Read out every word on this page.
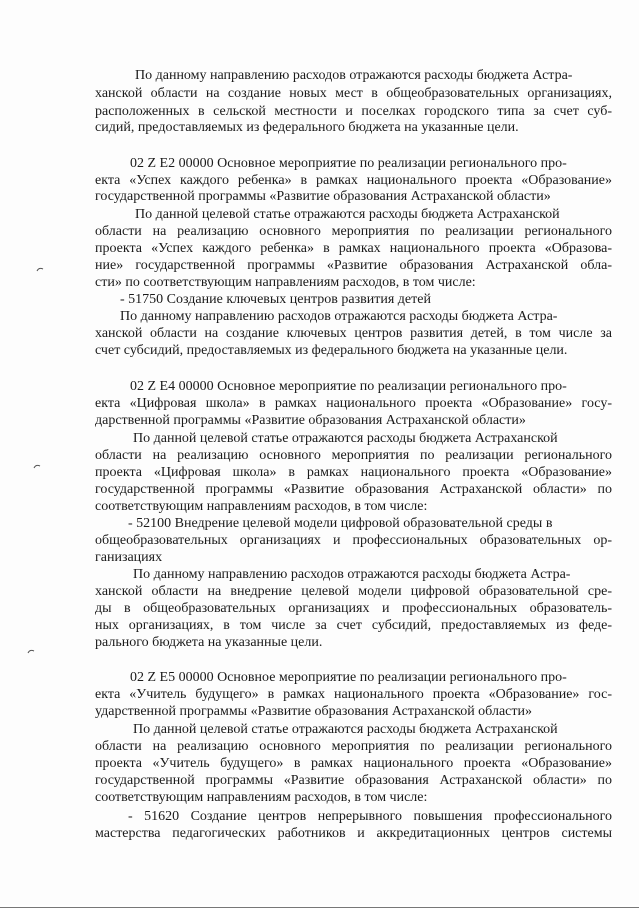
По данному направлению расходов отражаются расходы бюджета Астра-
ханской области на создание новых мест в общеобразовательных организациях,
расположенных в сельской местности и поселках городского типа за счет суб-
сидий, предоставляемых из федерального бюджета на указанные цели.
02 Z E2 00000 Основное мероприятие по реализации регионального про-
екта «Успех каждого ребенка» в рамках национального проекта «Образование»
государственной программы «Развитие образования Астраханской области»
По данной целевой статье отражаются расходы бюджета Астраханской
области на реализацию основного мероприятия по реализации регионального
проекта «Успех каждого ребенка» в рамках национального проекта «Образова-
ние» государственной программы «Развитие образования Астраханской обла-
сти» по соответствующим направлениям расходов, в том числе:
- 51750 Создание ключевых центров развития детей
По данному направлению расходов отражаются расходы бюджета Астра-
ханской области на создание ключевых центров развития детей, в том числе за
счет субсидий, предоставляемых из федерального бюджета на указанные цели.
02 Z E4 00000 Основное мероприятие по реализации регионального про-
екта «Цифровая школа» в рамках национального проекта «Образование» госу-
дарственной программы «Развитие образования Астраханской области»
По данной целевой статье отражаются расходы бюджета Астраханской
области на реализацию основного мероприятия по реализации регионального
проекта «Цифровая школа» в рамках национального проекта «Образование»
государственной программы «Развитие образования Астраханской области» по
соответствующим направлениям расходов, в том числе:
- 52100 Внедрение целевой модели цифровой образовательной среды в
общеобразовательных организациях и профессиональных образовательных ор-
ганизациях
По данному направлению расходов отражаются расходы бюджета Астра-
ханской области на внедрение целевой модели цифровой образовательной сре-
ды в общеобразовательных организациях и профессиональных образователь-
ных организациях, в том числе за счет субсидий, предоставляемых из феде-
рального бюджета на указанные цели.
02 Z E5 00000 Основное мероприятие по реализации регионального про-
екта «Учитель будущего» в рамках национального проекта «Образование» гос-
ударственной программы «Развитие образования Астраханской области»
По данной целевой статье отражаются расходы бюджета Астраханской
области на реализацию основного мероприятия по реализации регионального
проекта «Учитель будущего» в рамках национального проекта «Образование»
государственной программы «Развитие образования Астраханской области» по
соответствующим направлениям расходов, в том числе:
- 51620 Создание центров непрерывного повышения профессионального
мастерства педагогических работников и аккредитационных центров системы
